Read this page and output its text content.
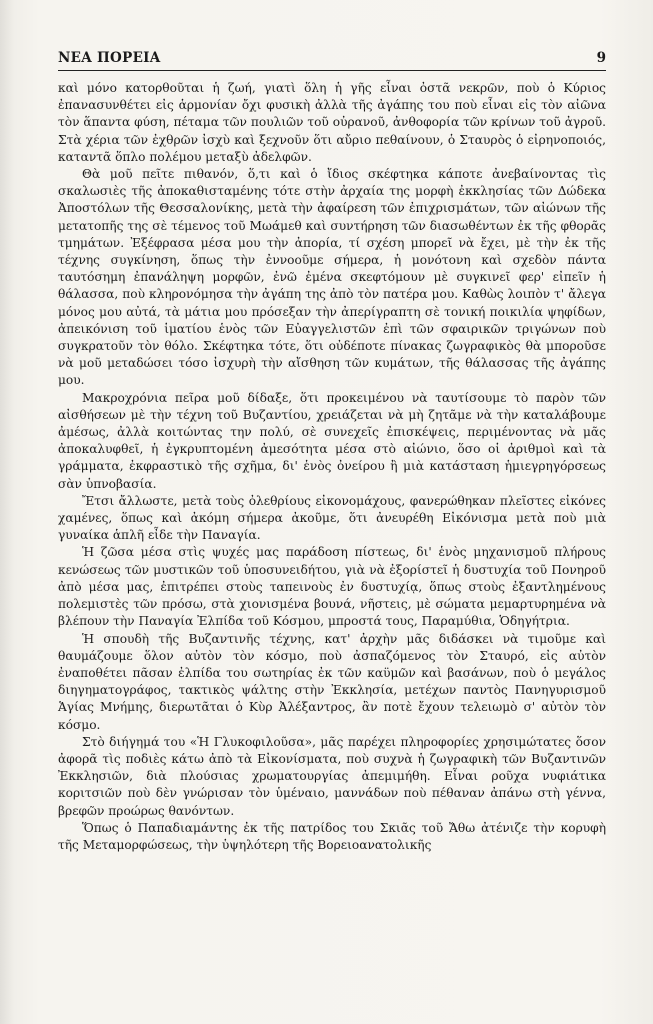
ΝΕΑ ΠΟΡΕΙΑ	9

καὶ μόνο κατορθοῦται ἡ ζωή, γιατὶ ὅλη ἡ γῆς εἶναι ὀστᾶ νεκρῶν, ποὺ ὁ Κύριος ἐπανασυνθέτει εἰς ἁρμονίαν ὄχι φυσικὴ ἀλλὰ τῆς ἀγάπης του ποὺ εἶναι εἰς τὸν αἰῶνα τὸν ἅπαντα φύση, πέταμα τῶν πουλιῶν τοῦ οὐρανοῦ, ἀνθοφορία τῶν κρίνων τοῦ ἀγροῦ. Στὰ χέρια τῶν ἐχθρῶν ἰσχὺ καὶ ξεχνοῦν ὅτι αὔριο πεθαίνουν, ὁ Σταυρὸς ὁ εἰρηνοποιός, καταντᾶ ὅπλο πολέμου μεταξὺ ἀδελφῶν.

Θὰ μοῦ πεῖτε πιθανόν, ὅ,τι καὶ ὁ ἴδιος σκέφτηκα κάποτε ἀνεβαίνοντας τὶς σκαλωσιὲς τῆς ἀποκαθισταμένης τότε στὴν ἀρχαία της μορφὴ ἐκκλησίας τῶν Δώδεκα Ἀποστόλων τῆς Θεσσαλονίκης, μετὰ τὴν ἀφαίρεση τῶν ἐπιχρισμάτων, τῶν αἰώνων τῆς μετατοπῆς της σὲ τέμενος τοῦ Μωάμεθ καὶ συντήρηση τῶν διασωθέντων ἐκ τῆς φθορᾶς τμημάτων. Ἐξέφρασα μέσα μου τὴν ἀπορία, τί σχέση μπορεῖ νὰ ἔχει, μὲ τὴν ἐκ τῆς τέχνης συγκίνηση, ὅπως τὴν ἐννοοῦμε σήμερα, ἡ μονότονη καὶ σχεδὸν πάντα ταυτόσημη ἐπανάληψη μορφῶν, ἐνῶ ἐμένα σκεφτόμουν μὲ συγκινεῖ φερ' εἰπεῖν ἡ θάλασσα, ποὺ κληρονόμησα τὴν ἀγάπη της ἀπὸ τὸν πατέρα μου. Καθὼς λοιπὸν τ' ἄλεγα μόνος μου αὐτά, τὰ μάτια μου πρόσεξαν τὴν ἀπερίγραπτη σὲ τονική ποικιλία ψηφίδων, ἀπεικόνιση τοῦ ἱματίου ἑνὸς τῶν Εὐαγγελιστῶν ἐπὶ τῶν σφαιρικῶν τριγώνων ποὺ συγκρατοῦν τὸν θόλο. Σκέφτηκα τότε, ὅτι οὐδέποτε πίνακας ζωγραφικὸς θὰ μποροῦσε νὰ μοῦ μεταδώσει τόσο ἰσχυρὴ τὴν αἴσθηση τῶν κυμάτων, τῆς θάλασσας τῆς ἀγάπης μου.

Μακροχρόνια πεῖρα μοῦ δίδαξε, ὅτι προκειμένου νὰ ταυτίσουμε τὸ παρὸν τῶν αἰσθήσεων μὲ τὴν τέχνη τοῦ Βυζαντίου, χρειάζεται νὰ μὴ ζητᾶμε νὰ τὴν καταλάβουμε ἀμέσως, ἀλλὰ κοιτώντας την πολύ, σὲ συνεχεῖς ἐπισκέψεις, περιμένοντας νὰ μᾶς ἀποκαλυφθεῖ, ἡ ἐγκρυπτομένη ἀμεσότητα μέσα στὸ αἰώνιο, ὅσο οἱ ἀριθμοὶ καὶ τὰ γράμματα, ἐκφραστικὸ τῆς σχῆμα, δι' ἑνὸς ὀνείρου ἢ μιὰ κατάσταση ἡμιεγρηγόρσεως σὰν ὑπνοβασία.

Ἔτσι ἄλλωστε, μετὰ τοὺς ὀλεθρίους εἰκονομάχους, φανερώθηκαν πλεῖστες εἰκόνες χαμένες, ὅπως καὶ ἀκόμη σήμερα ἀκοῦμε, ὅτι ἀνευρέθη Εἰκόνισμα μετὰ ποὺ μιὰ γυναίκα ἁπλῆ εἶδε τὴν Παναγία.

Ἡ ζῶσα μέσα στὶς ψυχές μας παράδοση πίστεως, δι' ἑνὸς μηχανισμοῦ πλήρους κενώσεως τῶν μυστικῶν τοῦ ὑποσυνειδήτου, γιὰ νὰ ἐξορίστεῖ ἡ δυστυχία τοῦ Πονηροῦ ἀπὸ μέσα μας, ἐπιτρέπει στοὺς ταπεινοὺς ἐν δυστυχίᾳ, ὅπως στοὺς ἐξαντλημένους πολεμιστὲς τῶν πρόσω, στὰ χιονισμένα βουνά, νῆστεις, μὲ σώματα μεμαρτυρημένα νὰ βλέπουν τὴν Παναγία Ἐλπίδα τοῦ Κόσμου, μπροστά τους, Παραμύθια, Ὁδηγήτρια.

Ἡ σπουδὴ τῆς Βυζαντινῆς τέχνης, κατ' ἀρχὴν μᾶς διδάσκει νὰ τιμοῦμε καὶ θαυμάζουμε ὅλον αὐτὸν τὸν κόσμο, ποὺ ἀσπαζόμενος τὸν Σταυρό, εἰς αὐτὸν ἐναποθέτει πᾶσαν ἐλπίδα του σωτηρίας ἐκ τῶν καϋμῶν καὶ βασάνων, ποὺ ὁ μεγάλος διηγηματογράφος, τακτικὸς ψάλτης στὴν Ἐκκλησία, μετέχων παντὸς Πανηγυρισμοῦ Ἁγίας Μνήμης, διερωτᾶται ὁ Κὺρ Ἀλέξαντρος, ἂν ποτὲ ἔχουν τελειωμὸ σ' αὐτὸν τὸν κόσμο.

Στὸ διήγημά του «Ἡ Γλυκοφιλοῦσα», μᾶς παρέχει πληροφορίες χρησιμώτατες ὅσον ἀφορᾶ τὶς ποδιὲς κάτω ἀπὸ τὰ Εἰκονίσματα, ποὺ συχνὰ ἡ ζωγραφικὴ τῶν Βυζαντινῶν Ἐκκλησιῶν, διὰ πλούσιας χρωματουργίας ἀπεμιμήθη. Εἶναι ροῦχα νυφιάτικα κοριτσιῶν ποὺ δὲν γνώρισαν τὸν ὑμέναιο, μαννάδων ποὺ πέθαναν ἀπάνω στὴ γέννα, βρεφῶν προώρως θανόντων.

Ὅπως ὁ Παπαδιαμάντης ἐκ τῆς πατρίδος του Σκιᾶς τοῦ Ἄθω ἀτένιζε τὴν κορυφὴ τῆς Μεταμορφώσεως, τὴν ὑψηλότερη τῆς Βορειοανατολικῆς
